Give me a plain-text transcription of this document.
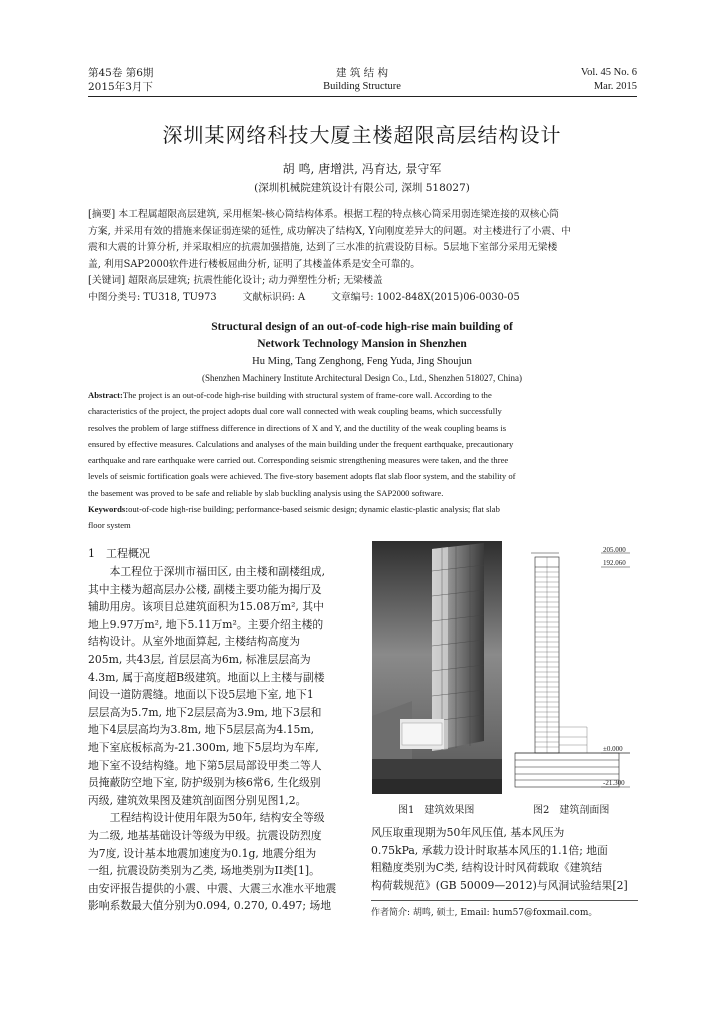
第45卷 第6期
2015年3月下
建 筑 结 构
Building Structure
Vol. 45 No. 6
Mar. 2015
深圳某网络科技大厦主楼超限高层结构设计
胡 鸣, 唐增洪, 冯育达, 景守军
(深圳机械院建筑设计有限公司, 深圳 518027)
[摘要] 本工程属超限高层建筑, 采用框架-核心筒结构体系。根据工程的特点核心筒采用弱连梁连接的双核心筒
方案, 并采用有效的措施来保证弱连梁的延性, 成功解决了结构X, Y向刚度差异大的问题。对主楼进行了小震、中
震和大震的计算分析, 并采取相应的抗震加强措施, 达到了三水准的抗震设防目标。5层地下室部分采用无梁楼
盖, 利用SAP2000软件进行楼板屈曲分析, 证明了其楼盖体系是安全可靠的。
[关键词] 超限高层建筑; 抗震性能化设计; 动力弹塑性分析; 无梁楼盖
中图分类号: TU318, TU973	文献标识码: A	文章编号: 1002-848X(2015)06-0030-05
Structural design of an out-of-code high-rise main building of
Network Technology Mansion in Shenzhen
Hu Ming, Tang Zenghong, Feng Yuda, Jing Shoujun
(Shenzhen Machinery Institute Architectural Design Co., Ltd., Shenzhen 518027, China)
Abstract:The project is an out-of-code high-rise building with structural system of frame-core wall. According to the
characteristics of the project, the project adopts dual core wall connected with weak coupling beams, which successfully
resolves the problem of large stiffness difference in directions of X and Y, and the ductility of the weak coupling beams is
ensured by effective measures. Calculations and analyses of the main building under the frequent earthquake, precautionary
earthquake and rare earthquake were carried out. Corresponding seismic strengthening measures were taken, and the three
levels of seismic fortification goals were achieved. The five-story basement adopts flat slab floor system, and the stability of
the basement was proved to be safe and reliable by slab buckling analysis using the SAP2000 software.
Keywords:out-of-code high-rise building; performance-based seismic design; dynamic elastic-plastic analysis; flat slab
floor system
1　工程概况
本工程位于深圳市福田区, 由主楼和副楼组成,
其中主楼为超高层办公楼, 副楼主要功能为揭厅及
辅助用房。该项目总建筑面积为15.08万m², 其中
地上9.97万m², 地下5.11万m²。主要介绍主楼的
结构设计。从室外地面算起, 主楼结构高度为
205m, 共43层, 首层层高为6m, 标准层层高为
4.3m, 属于高度超B级建筑。地面以上主楼与副楼
间设一道防震缝。地面以下设5层地下室, 地下1
层层高为5.7m, 地下2层层高为3.9m, 地下3层和
地下4层层高均为3.8m, 地下5层层高为4.15m,
地下室底板标高为-21.300m, 地下5层均为车库,
地下室不设结构缝。地下第5层局部设甲类二等人
员掩蔽防空地下室, 防护级别为核6常6, 生化级别
丙级, 建筑效果图及建筑剖面图分别见图1,2。
工程结构设计使用年限为50年, 结构安全等级
为二级, 地基基础设计等级为甲级。抗震设防烈度
为7度, 设计基本地震加速度为0.1g, 地震分组为
一组, 抗震设防类别为乙类, 场地类别为II类[1]。
由安评报告提供的小震、中震、大震三水准水平地震
影响系数最大值分别为0.094, 0.270, 0.497; 场地
205.000
192.060
±0.000
-21.300
图1　建筑效果图	图2　建筑剖面图
风压取重现期为50年风压值, 基本风压为
0.75kPa, 承载力设计时取基本风压的1.1倍; 地面
粗糙度类别为C类, 结构设计时风荷载取《建筑结
构荷载规范》(GB 50009—2012)与风洞试验结果[2]
作者简介: 胡鸣, 硕士, Email: hum57@foxmail.com。
